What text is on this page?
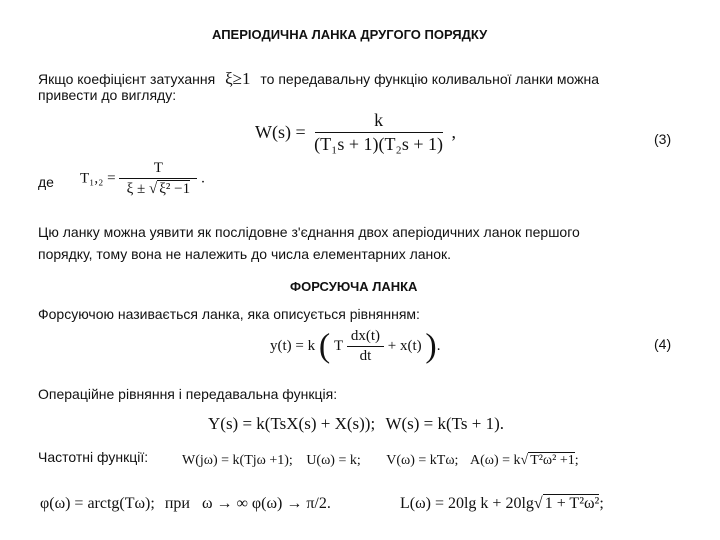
АПЕРІОДИЧНА ЛАНКА ДРУГОГО ПОРЯДКУ
Якщо коефіцієнт затухання ξ≥1 то передавальну функцію коливальної ланки можна
привести до вигляду:
$W(s) = \frac{k}{\text{(T₁s + 1)(T₂s + 1)}}$ ,	(3)
де $T_1,_2 = \frac{T}{\text{ξ ± √ ξ² −1}}$ .
Цю ланку можна уявити як послідовне з'єднання двох аперіодичних ланок першого
порядку, тому вона не належить до числа елементарних ланок.
ФОРСУЮЧА ЛАНКА
Форсуючою називається ланка, яка описується рівнянням:
y(t) = k ( T $\frac{dx(t)}{dt} + x(t)$ ).	(4)
Операційне рівняння і передавальна функція:
Y(s) = k(TsX(s) + X(s)); W(s) = k(Ts + 1).
Частотні функції: W(jω) = k(Tjω +1); U(ω) = k; V(ω) = kTω; A(ω) = k√ T²ω² +1;
φ(ω) = arctg(Tω); при ω → ∞ φ(ω) → π/2.	L(ω) = 20lg k + 20lg√ 1 + T²ω²;
